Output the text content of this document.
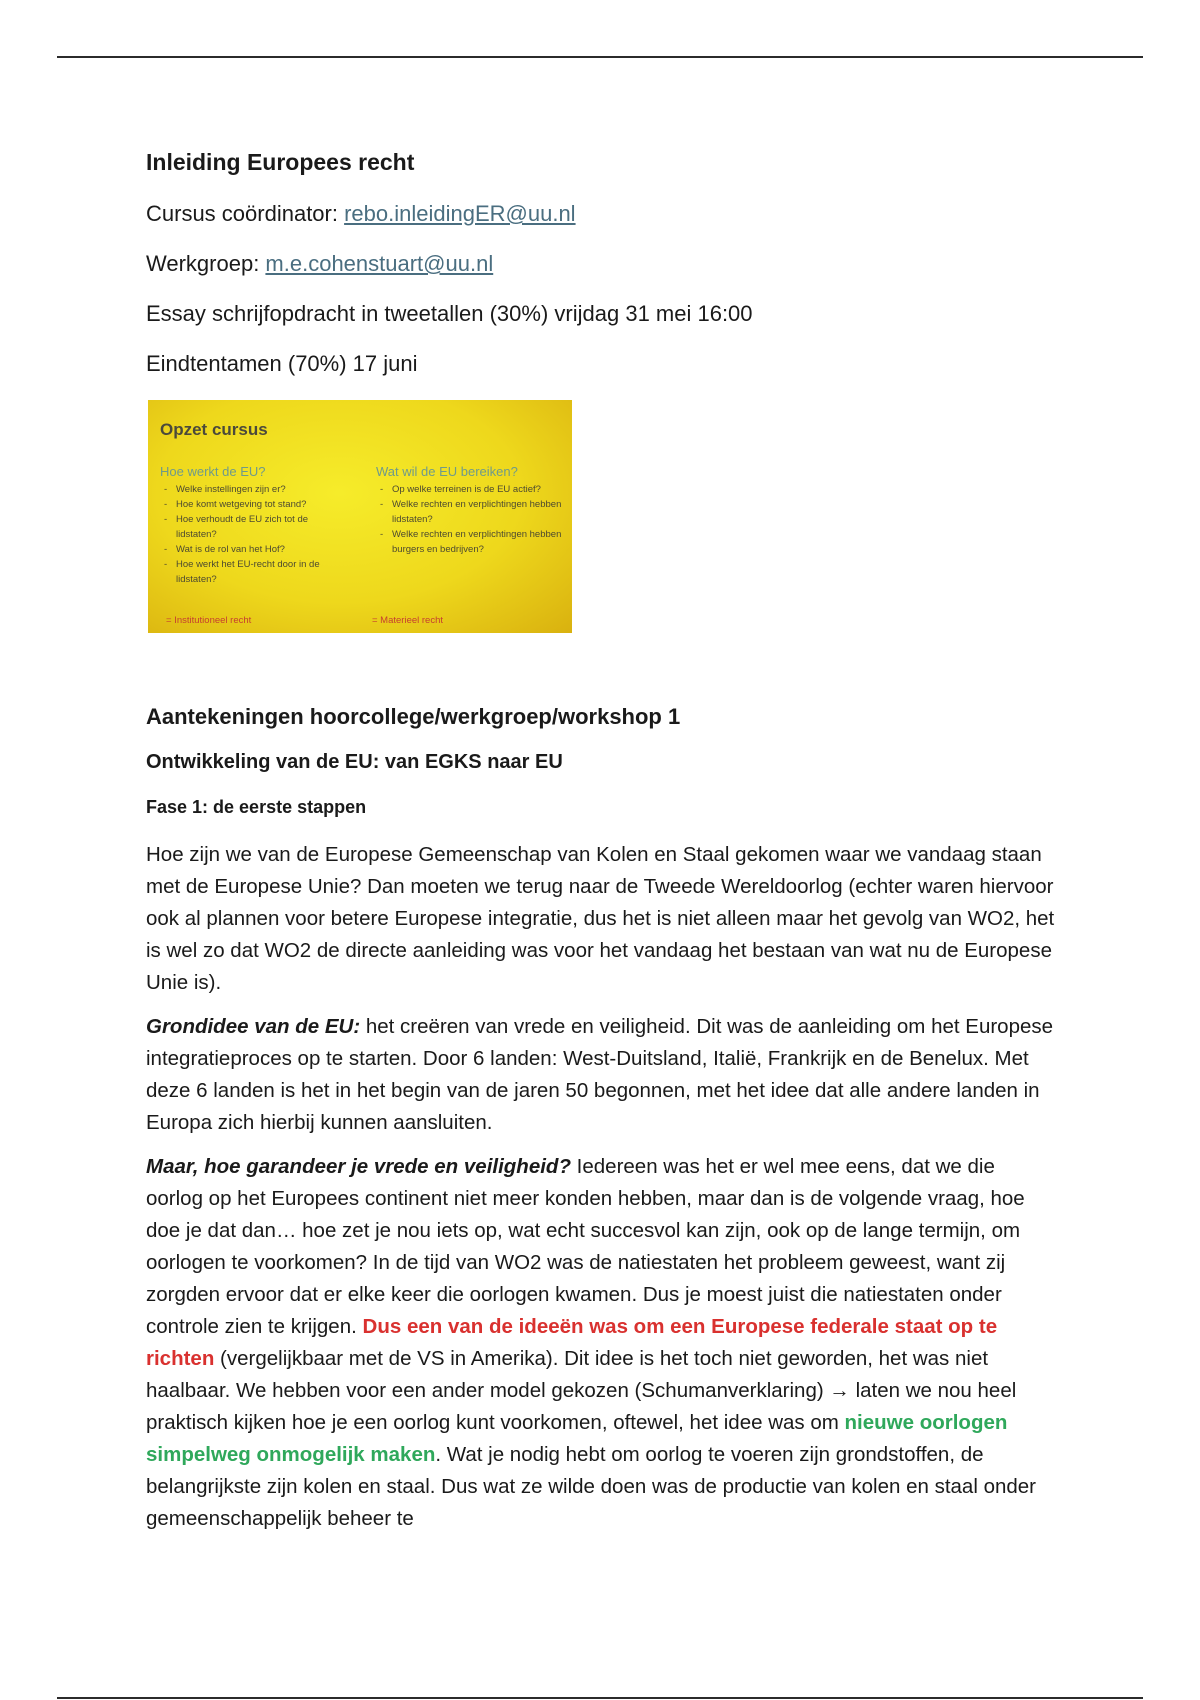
Inleiding Europees recht
Cursus coördinator: rebo.inleidingER@uu.nl
Werkgroep: m.e.cohenstuart@uu.nl
Essay schrijfopdracht in tweetallen (30%) vrijdag 31 mei 16:00
Eindtentamen (70%) 17 juni
Opzet cursus
Hoe werkt de EU?
- Welke instellingen zijn er?
- Hoe komt wetgeving tot stand?
- Hoe verhoudt de EU zich tot de lidstaten?
- Wat is de rol van het Hof?
- Hoe werkt het EU-recht door in de lidstaten?
Wat wil de EU bereiken?
- Op welke terreinen is de EU actief?
- Welke rechten en verplichtingen hebben lidstaten?
- Welke rechten en verplichtingen hebben burgers en bedrijven?
= Institutioneel recht	= Materieel recht
Aantekeningen hoorcollege/werkgroep/workshop 1
Ontwikkeling van de EU: van EGKS naar EU
Fase 1: de eerste stappen

Hoe zijn we van de Europese Gemeenschap van Kolen en Staal gekomen waar we vandaag staan met de Europese Unie? Dan moeten we terug naar de Tweede Wereldoorlog (echter waren hiervoor ook al plannen voor betere Europese integratie, dus het is niet alleen maar het gevolg van WO2, het is wel zo dat WO2 de directe aanleiding was voor het vandaag het bestaan van wat nu de Europese Unie is).

Grondidee van de EU: het creëren van vrede en veiligheid. Dit was de aanleiding om het Europese integratieproces op te starten. Door 6 landen: West-Duitsland, Italië, Frankrijk en de Benelux. Met deze 6 landen is het in het begin van de jaren 50 begonnen, met het idee dat alle andere landen in Europa zich hierbij kunnen aansluiten.

Maar, hoe garandeer je vrede en veiligheid? Iedereen was het er wel mee eens, dat we die oorlog op het Europees continent niet meer konden hebben, maar dan is de volgende vraag, hoe doe je dat dan… hoe zet je nou iets op, wat echt succesvol kan zijn, ook op de lange termijn, om oorlogen te voorkomen? In de tijd van WO2 was de natiestaten het probleem geweest, want zij zorgden ervoor dat er elke keer die oorlogen kwamen. Dus je moest juist die natiestaten onder controle zien te krijgen. Dus een van de ideeën was om een Europese federale staat op te richten (vergelijkbaar met de VS in Amerika). Dit idee is het toch niet geworden, het was niet haalbaar. We hebben voor een ander model gekozen (Schumanverklaring) → laten we nou heel praktisch kijken hoe je een oorlog kunt voorkomen, oftewel, het idee was om nieuwe oorlogen simpelweg onmogelijk maken. Wat je nodig hebt om oorlog te voeren zijn grondstoffen, de belangrijkste zijn kolen en staal. Dus wat ze wilde doen was de productie van kolen en staal onder gemeenschappelijk beheer te
